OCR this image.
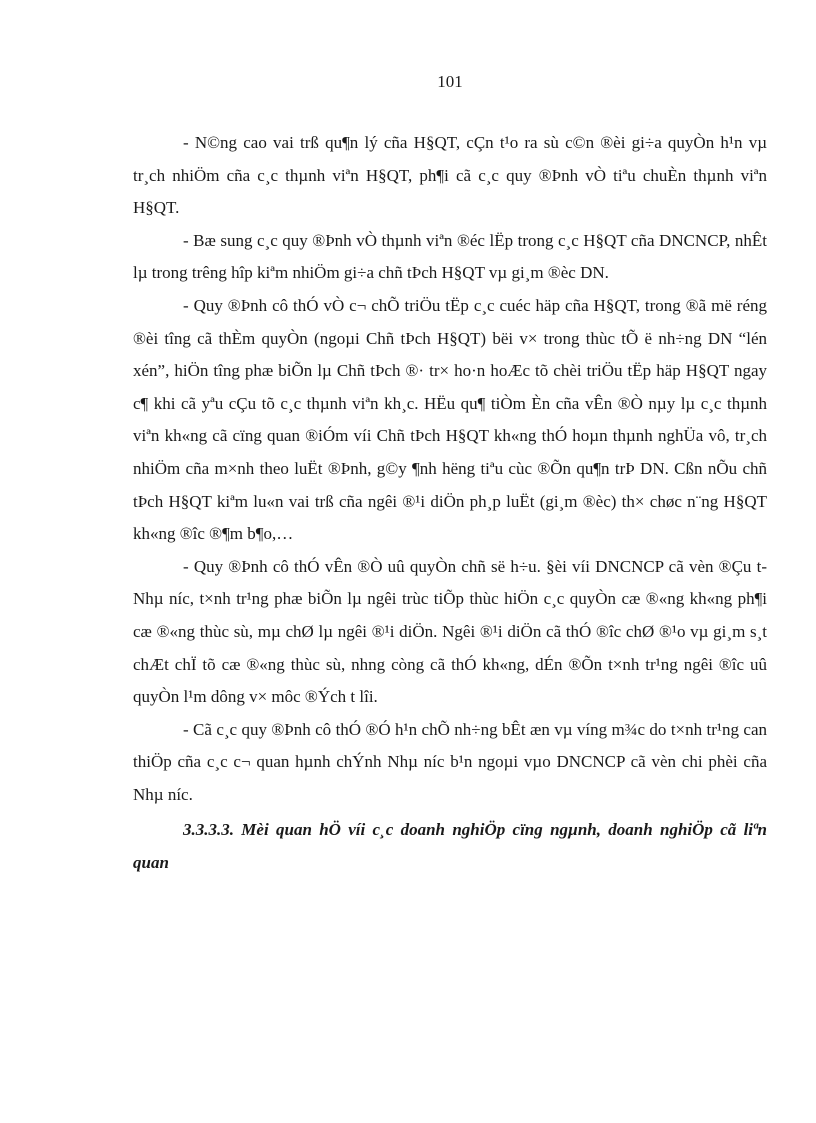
101

- N©ng cao vai trß qu¶n lý cña H§QT, cÇn t¹o ra sù c©n ®èi gi÷a quyÒn h¹n vµ tr¸ch nhiÖm cña c¸c thµnh viªn H§QT, ph¶i cã c¸c quy ®Þnh vÒ tiªu chuÈn thµnh viªn H§QT.

- Bæ sung c¸c quy ®Þnh vÒ thµnh viªn ®éc lËp trong c¸c H§QT cña DNCNCP, nhÊt lµ trong trêng hîp kiªm nhiÖm gi÷a chñ tÞch H§QT vµ gi¸m ®èc DN.

- Quy ®Þnh cô thÓ vÒ c¬ chÕ triÖu tËp c¸c cuéc häp cña H§QT, trong ®ã më réng ®èi tîng cã thÈm quyÒn (ngoµi Chñ tÞch H§QT) bëi v× trong thùc tÕ ë nh÷ng DN “lén xén”, hiÖn tîng phæ biÕn lµ Chñ tÞch ®· tr× ho·n hoÆc tõ chèi triÖu tËp häp H§QT ngay c¶ khi cã yªu cÇu tõ c¸c thµnh viªn kh¸c. HËu qu¶ tiÒm Èn cña vÊn ®Ò nµy lµ c¸c thµnh viªn kh«ng cã cïng quan ®iÓm víi Chñ tÞch H§QT kh«ng thÓ hoµn thµnh nghÜa vô, tr¸ch nhiÖm cña m×nh theo luËt ®Þnh, g©y ¶nh hëng tiªu cùc ®Õn qu¶n trÞ DN. Cßn nÕu chñ tÞch H§QT kiªm lu«n vai trß cña ngêi ®¹i diÖn ph¸p luËt (gi¸m ®èc) th× chøc n¨ng H§QT kh«ng ®îc ®¶m b¶o,…

- Quy ®Þnh cô thÓ vÊn ®Ò uû quyÒn chñ së h÷u. §èi víi DNCNCP cã vèn ®Çu t Nhµ níc, t×nh tr¹ng phæ biÕn lµ ngêi trùc tiÕp thùc hiÖn c¸c quyÒn cæ ®«ng kh«ng ph¶i cæ ®«ng thùc sù, mµ chØ lµ ngêi ®¹i diÖn. Ngêi ®¹i diÖn cã thÓ ®îc chØ ®¹o vµ gi¸m s¸t chÆt chÏ tõ cæ ®«ng thùc sù, nhng còng cã thÓ kh«ng, dÉn ®Õn t×nh tr¹ng ngêi ®îc uû quyÒn l¹m dông v× môc ®Ých t lîi.

- Cã c¸c quy ®Þnh cô thÓ ®Ó h¹n chÕ nh÷ng bÊt æn vµ víng m¾c do t×nh tr¹ng can thiÖp cña c¸c c¬ quan hµnh chÝnh Nhµ níc b¹n ngoµi vµo DNCNCP cã vèn chi phèi cña Nhµ níc.

3.3.3.3. Mèi quan hÖ víi c¸c doanh nghiÖp cïng ngµnh, doanh nghiÖp cã liªn quan
